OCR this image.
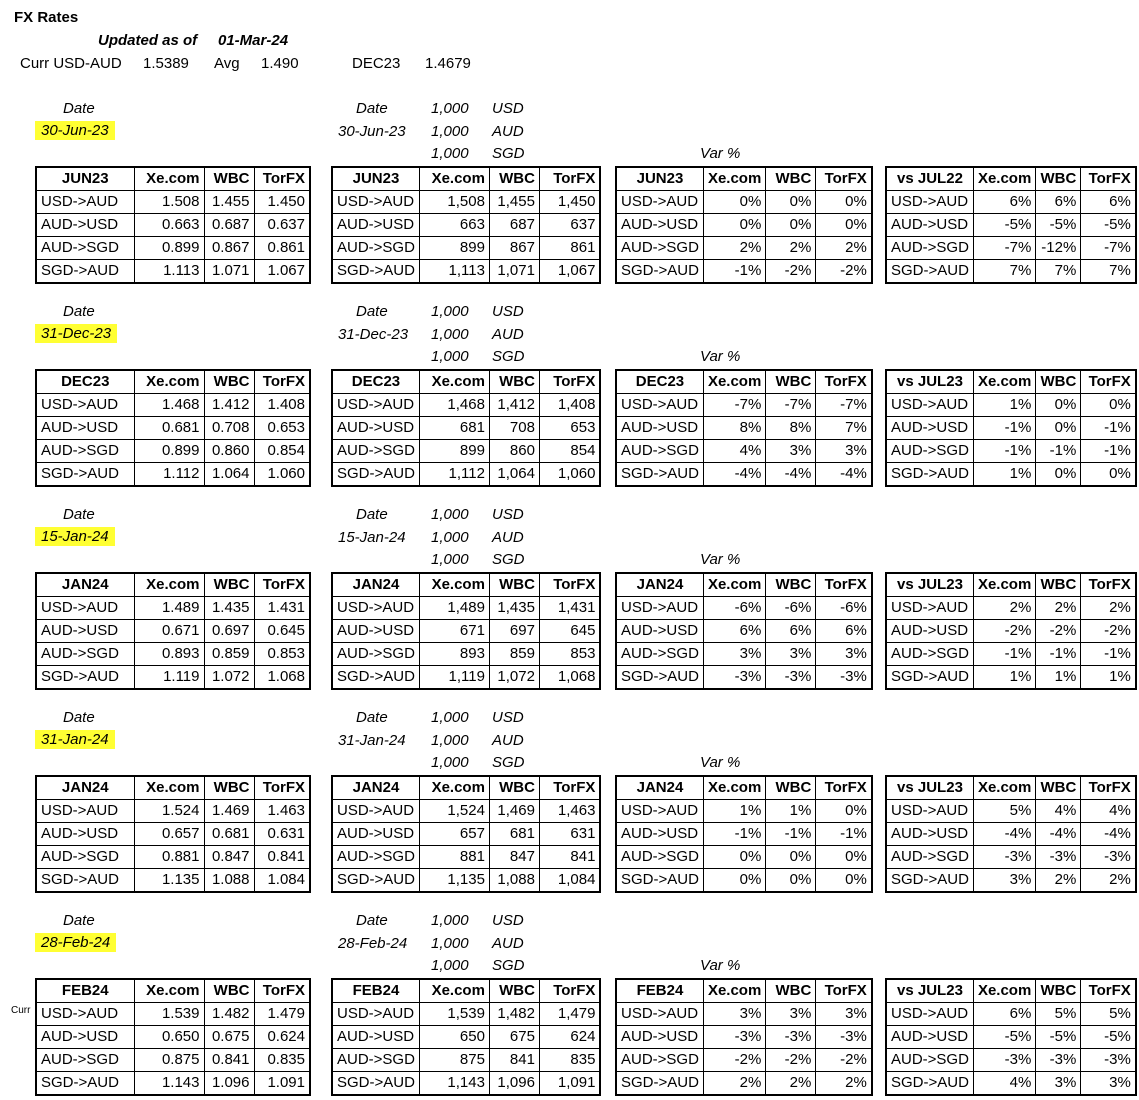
FX Rates
Updated as of 01-Mar-24
Curr USD-AUD 1.5389 Avg 1.490	DEC23 1.4679
Date
30-Jun-23
Date
30-Jun-23
1,000 USD
1,000 AUD
1,000 SGD	Var %
JUN23	Xe.com	WBC	TorFX
USD->AUD	1.508	1.455	1.450
AUD->USD	0.663	0.687	0.637
AUD->SGD	0.899	0.867	0.861
SGD->AUD	1.113	1.071	1.067
JUN23	Xe.com	WBC	TorFX
USD->AUD	1,508	1,455	1,450
AUD->USD	663	687	637
AUD->SGD	899	867	861
SGD->AUD	1,113	1,071	1,067
JUN23	Xe.com	WBC	TorFX
USD->AUD	0%	0%	0%
AUD->USD	0%	0%	0%
AUD->SGD	2%	2%	2%
SGD->AUD	-1%	-2%	-2%
vs JUL22	Xe.com	WBC	TorFX
USD->AUD	6%	6%	6%
AUD->USD	-5%	-5%	-5%
AUD->SGD	-7%	-12%	-7%
SGD->AUD	7%	7%	7%
Date
31-Dec-23
Date
31-Dec-23
1,000 USD
1,000 AUD
1,000 SGD	Var %
DEC23	Xe.com	WBC	TorFX
USD->AUD	1.468	1.412	1.408
AUD->USD	0.681	0.708	0.653
AUD->SGD	0.899	0.860	0.854
SGD->AUD	1.112	1.064	1.060
DEC23	Xe.com	WBC	TorFX
USD->AUD	1,468	1,412	1,408
AUD->USD	681	708	653
AUD->SGD	899	860	854
SGD->AUD	1,112	1,064	1,060
DEC23	Xe.com	WBC	TorFX
USD->AUD	-7%	-7%	-7%
AUD->USD	8%	8%	7%
AUD->SGD	4%	3%	3%
SGD->AUD	-4%	-4%	-4%
vs JUL23	Xe.com	WBC	TorFX
USD->AUD	1%	0%	0%
AUD->USD	-1%	0%	-1%
AUD->SGD	-1%	-1%	-1%
SGD->AUD	1%	0%	0%
Date
15-Jan-24
Date
15-Jan-24
1,000 USD
1,000 AUD
1,000 SGD	Var %
JAN24	Xe.com	WBC	TorFX
USD->AUD	1.489	1.435	1.431
AUD->USD	0.671	0.697	0.645
AUD->SGD	0.893	0.859	0.853
SGD->AUD	1.119	1.072	1.068
JAN24	Xe.com	WBC	TorFX
USD->AUD	1,489	1,435	1,431
AUD->USD	671	697	645
AUD->SGD	893	859	853
SGD->AUD	1,119	1,072	1,068
JAN24	Xe.com	WBC	TorFX
USD->AUD	-6%	-6%	-6%
AUD->USD	6%	6%	6%
AUD->SGD	3%	3%	3%
SGD->AUD	-3%	-3%	-3%
vs JUL23	Xe.com	WBC	TorFX
USD->AUD	2%	2%	2%
AUD->USD	-2%	-2%	-2%
AUD->SGD	-1%	-1%	-1%
SGD->AUD	1%	1%	1%
Date
31-Jan-24
Date
31-Jan-24
1,000 USD
1,000 AUD
1,000 SGD	Var %
JAN24	Xe.com	WBC	TorFX
USD->AUD	1.524	1.469	1.463
AUD->USD	0.657	0.681	0.631
AUD->SGD	0.881	0.847	0.841
SGD->AUD	1.135	1.088	1.084
JAN24	Xe.com	WBC	TorFX
USD->AUD	1,524	1,469	1,463
AUD->USD	657	681	631
AUD->SGD	881	847	841
SGD->AUD	1,135	1,088	1,084
JAN24	Xe.com	WBC	TorFX
USD->AUD	1%	1%	0%
AUD->USD	-1%	-1%	-1%
AUD->SGD	0%	0%	0%
SGD->AUD	0%	0%	0%
vs JUL23	Xe.com	WBC	TorFX
USD->AUD	5%	4%	4%
AUD->USD	-4%	-4%	-4%
AUD->SGD	-3%	-3%	-3%
SGD->AUD	3%	2%	2%
Date
28-Feb-24
Date
28-Feb-24
1,000 USD
1,000 AUD
1,000 SGD	Var %
Curr
FEB24	Xe.com	WBC	TorFX
USD->AUD	1.539	1.482	1.479
AUD->USD	0.650	0.675	0.624
AUD->SGD	0.875	0.841	0.835
SGD->AUD	1.143	1.096	1.091
FEB24	Xe.com	WBC	TorFX
USD->AUD	1,539	1,482	1,479
AUD->USD	650	675	624
AUD->SGD	875	841	835
SGD->AUD	1,143	1,096	1,091
FEB24	Xe.com	WBC	TorFX
USD->AUD	3%	3%	3%
AUD->USD	-3%	-3%	-3%
AUD->SGD	-2%	-2%	-2%
SGD->AUD	2%	2%	2%
vs JUL23	Xe.com	WBC	TorFX
USD->AUD	6%	5%	5%
AUD->USD	-5%	-5%	-5%
AUD->SGD	-3%	-3%	-3%
SGD->AUD	4%	3%	3%
